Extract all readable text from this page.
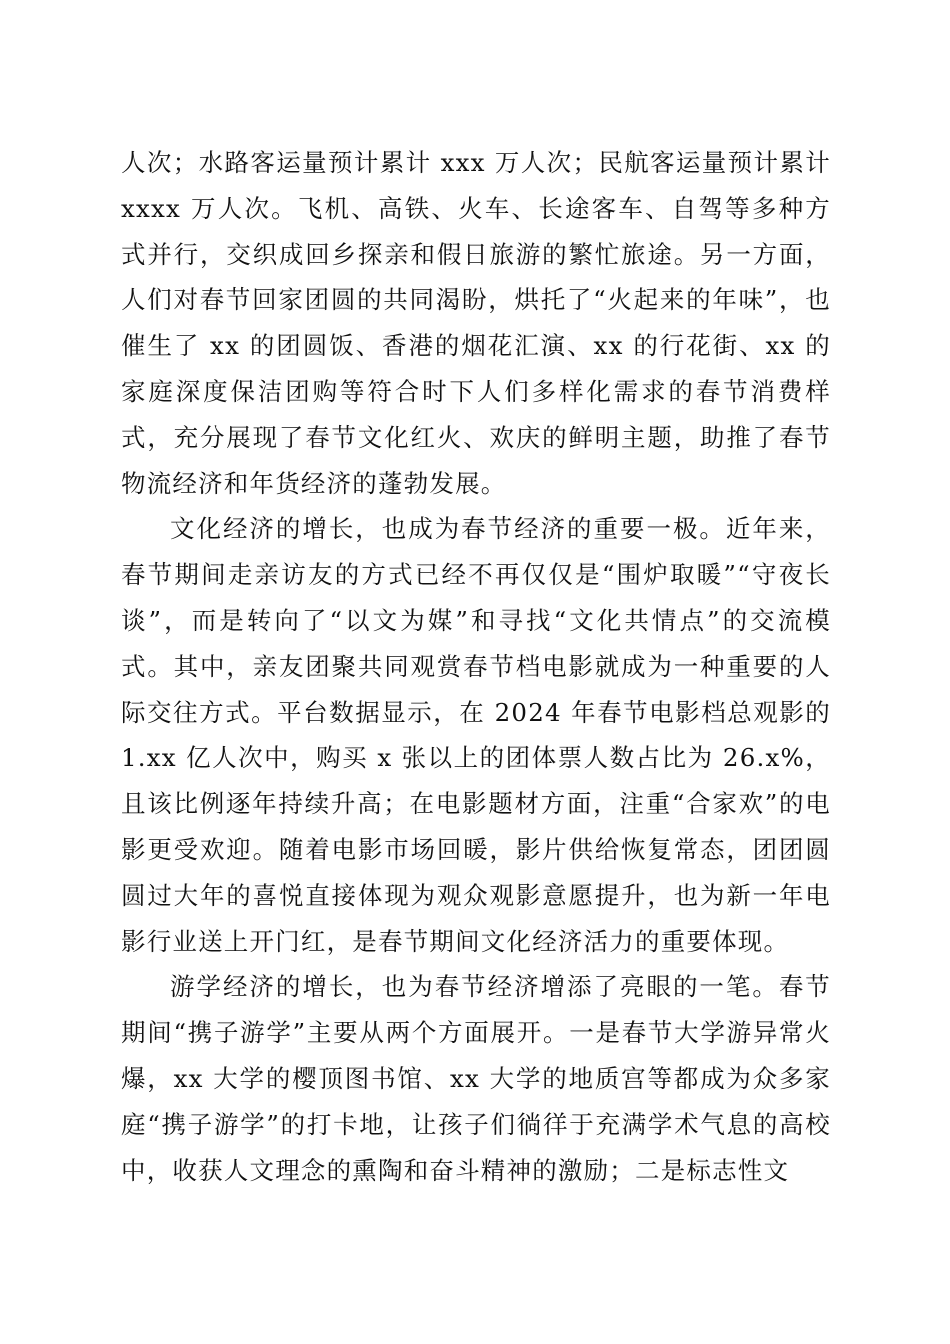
人次；水路客运量预计累计 xxx 万人次；民航客运量预计累计 xxxx 万人次。飞机、高铁、火车、长途客车、自驾等多种方式并行，交织成回乡探亲和假日旅游的繁忙旅途。另一方面，人们对春节回家团圆的共同渴盼，烘托了“火起来的年味”，也催生了 xx 的团圆饭、香港的烟花汇演、xx 的行花街、xx 的家庭深度保洁团购等符合时下人们多样化需求的春节消费样式，充分展现了春节文化红火、欢庆的鲜明主题，助推了春节物流经济和年货经济的蓬勃发展。

文化经济的增长，也成为春节经济的重要一极。近年来，春节期间走亲访友的方式已经不再仅仅是“围炉取暖”“守夜长谈”，而是转向了“以文为媒”和寻找“文化共情点”的交流模式。其中，亲友团聚共同观赏春节档电影就成为一种重要的人际交往方式。平台数据显示，在 2024 年春节电影档总观影的 1.xx 亿人次中，购买 x 张以上的团体票人数占比为 26.x%，且该比例逐年持续升高；在电影题材方面，注重“合家欢”的电影更受欢迎。随着电影市场回暖，影片供给恢复常态，团团圆圆过大年的喜悦直接体现为观众观影意愿提升，也为新一年电影行业送上开门红，是春节期间文化经济活力的重要体现。

游学经济的增长，也为春节经济增添了亮眼的一笔。春节期间“携子游学”主要从两个方面展开。一是春节大学游异常火爆，xx 大学的樱顶图书馆、xx 大学的地质宫等都成为众多家庭“携子游学”的打卡地，让孩子们徜徉于充满学术气息的高校中，收获人文理念的熏陶和奋斗精神的激励；二是标志性文
